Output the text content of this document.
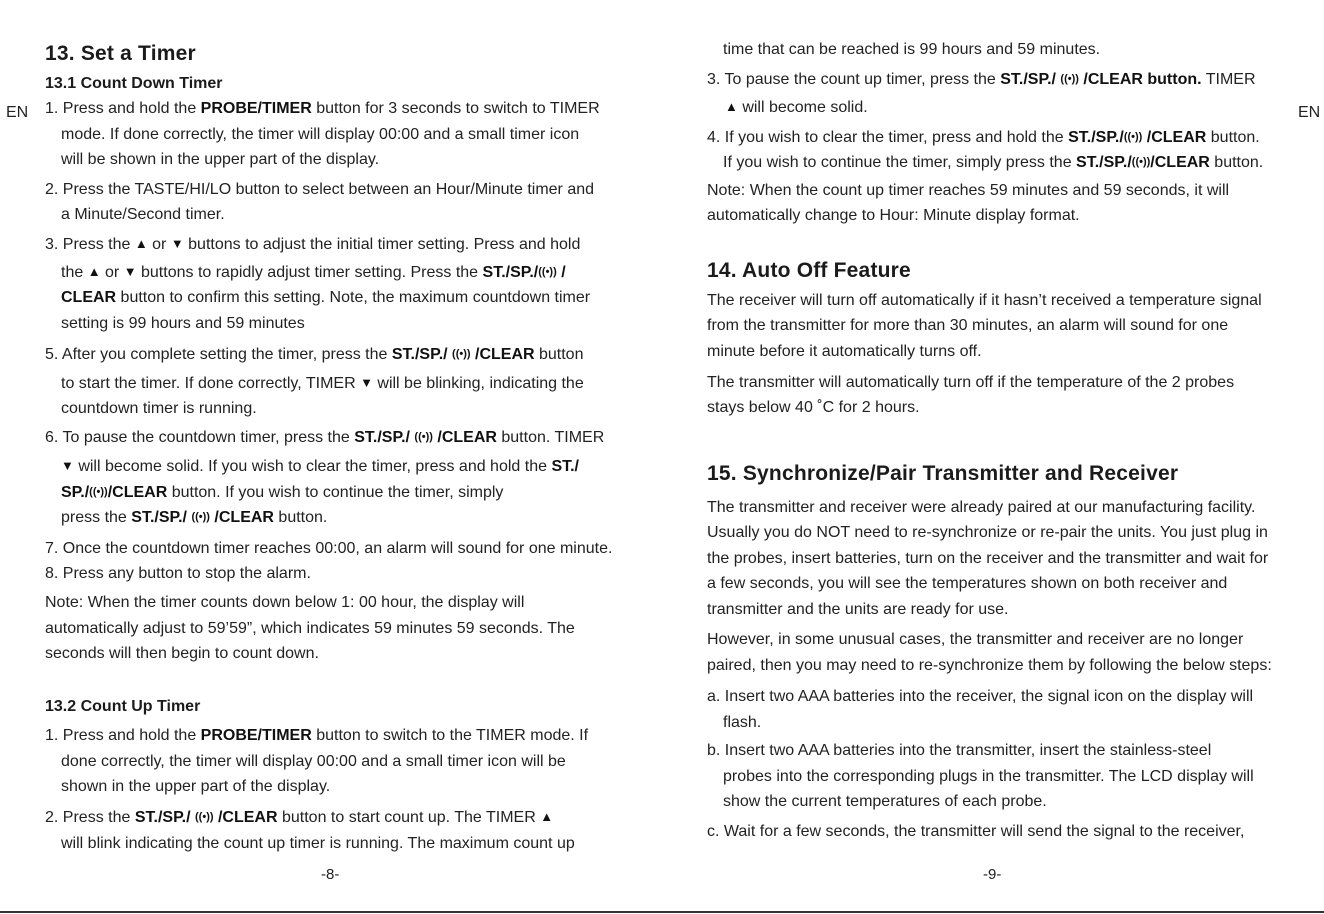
EN
13. Set a Timer
13.1 Count Down Timer
1. Press and hold the PROBE/TIMER button for 3 seconds to switch to TIMER
mode. If done correctly, the timer will display 00:00 and a small timer icon
will be shown in the upper part of the display.
2. Press the TASTE/HI/LO button to select between an Hour/Minute timer and
a Minute/Second timer.
3. Press the ▲ or ▼ buttons to adjust the initial timer setting. Press and hold
the ▲ or ▼ buttons to rapidly adjust timer setting. Press the ST./SP./((•)) /
CLEAR button to confirm this setting. Note, the maximum countdown timer
setting is 99 hours and 59 minutes
5. After you complete setting the timer, press the ST./SP./ ((•)) /CLEAR button
to start the timer. If done correctly, TIMER ▼ will be blinking, indicating the
countdown timer is running.
6. To pause the countdown timer, press the ST./SP./ ((•)) /CLEAR button. TIMER
▼ will become solid. If you wish to clear the timer, press and hold the ST./
SP./((•))/CLEAR button. If you wish to continue the timer, simply
press the ST./SP./ ((•)) /CLEAR button.
7. Once the countdown timer reaches 00:00, an alarm will sound for one minute.
8. Press any button to stop the alarm.
Note: When the timer counts down below 1: 00 hour, the display will
automatically adjust to 59’59”, which indicates 59 minutes 59 seconds. The
seconds will then begin to count down.
13.2 Count Up Timer
1. Press and hold the PROBE/TIMER button to switch to the TIMER mode. If
done correctly, the timer will display 00:00 and a small timer icon will be
shown in the upper part of the display.
2. Press the ST./SP./ ((•)) /CLEAR button to start count up. The TIMER ▲
will blink indicating the count up timer is running. The maximum count up
-8-
EN
time that can be reached is 99 hours and 59 minutes.
3. To pause the count up timer, press the ST./SP./ ((•)) /CLEAR button. TIMER
▲ will become solid.
4. If you wish to clear the timer, press and hold the ST./SP./((•)) /CLEAR button.
If you wish to continue the timer, simply press the ST./SP./((•))/CLEAR button.
Note: When the count up timer reaches 59 minutes and 59 seconds, it will
automatically change to Hour: Minute display format.
14. Auto Off Feature
The receiver will turn off automatically if it hasn’t received a temperature signal
from the transmitter for more than 30 minutes, an alarm will sound for one
minute before it automatically turns off.
The transmitter will automatically turn off if the temperature of the 2 probes
stays below 40 ˚C for 2 hours.
15. Synchronize/Pair Transmitter and Receiver
The transmitter and receiver were already paired at our manufacturing facility.
Usually you do NOT need to re-synchronize or re-pair the units. You just plug in
the probes, insert batteries, turn on the receiver and the transmitter and wait for
a few seconds, you will see the temperatures shown on both receiver and
transmitter and the units are ready for use.
However, in some unusual cases, the transmitter and receiver are no longer
paired, then you may need to re-synchronize them by following the below steps:
a. Insert two AAA batteries into the receiver, the signal icon on the display will
flash.
b. Insert two AAA batteries into the transmitter, insert the stainless-steel
probes into the corresponding plugs in the transmitter. The LCD display will
show the current temperatures of each probe.
c. Wait for a few seconds, the transmitter will send the signal to the receiver,
-9-
